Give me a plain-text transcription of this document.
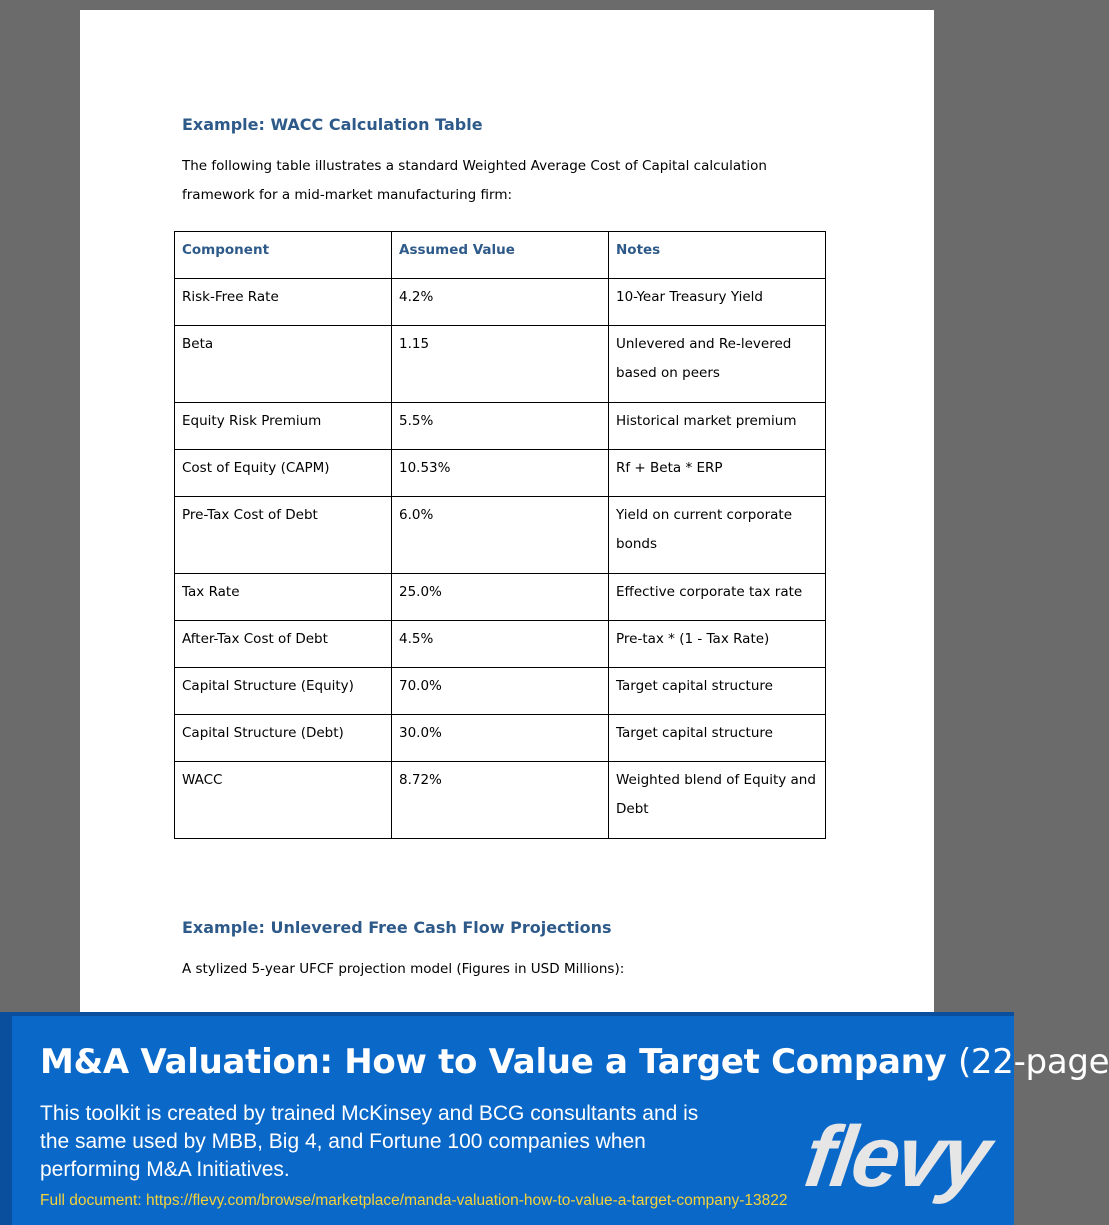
Example: WACC Calculation Table
The following table illustrates a standard Weighted Average Cost of Capital calculation framework for a mid-market manufacturing firm:
Component	Assumed Value	Notes
Risk-Free Rate	4.2%	10-Year Treasury Yield
Beta	1.15	Unlevered and Re-levered based on peers
Equity Risk Premium	5.5%	Historical market premium
Cost of Equity (CAPM)	10.53%	Rf + Beta * ERP
Pre-Tax Cost of Debt	6.0%	Yield on current corporate bonds
Tax Rate	25.0%	Effective corporate tax rate
After-Tax Cost of Debt	4.5%	Pre-tax * (1 - Tax Rate)
Capital Structure (Equity)	70.0%	Target capital structure
Capital Structure (Debt)	30.0%	Target capital structure
WACC	8.72%	Weighted blend of Equity and Debt
Example: Unlevered Free Cash Flow Projections
A stylized 5-year UFCF projection model (Figures in USD Millions):
M&A Valuation: How to Value a Target Company (22-page
This toolkit is created by trained McKinsey and BCG consultants and is the same used by MBB, Big 4, and Fortune 100 companies when performing M&A Initiatives.
Full document: https://flevy.com/browse/marketplace/manda-valuation-how-to-value-a-target-company-13822 flevy
